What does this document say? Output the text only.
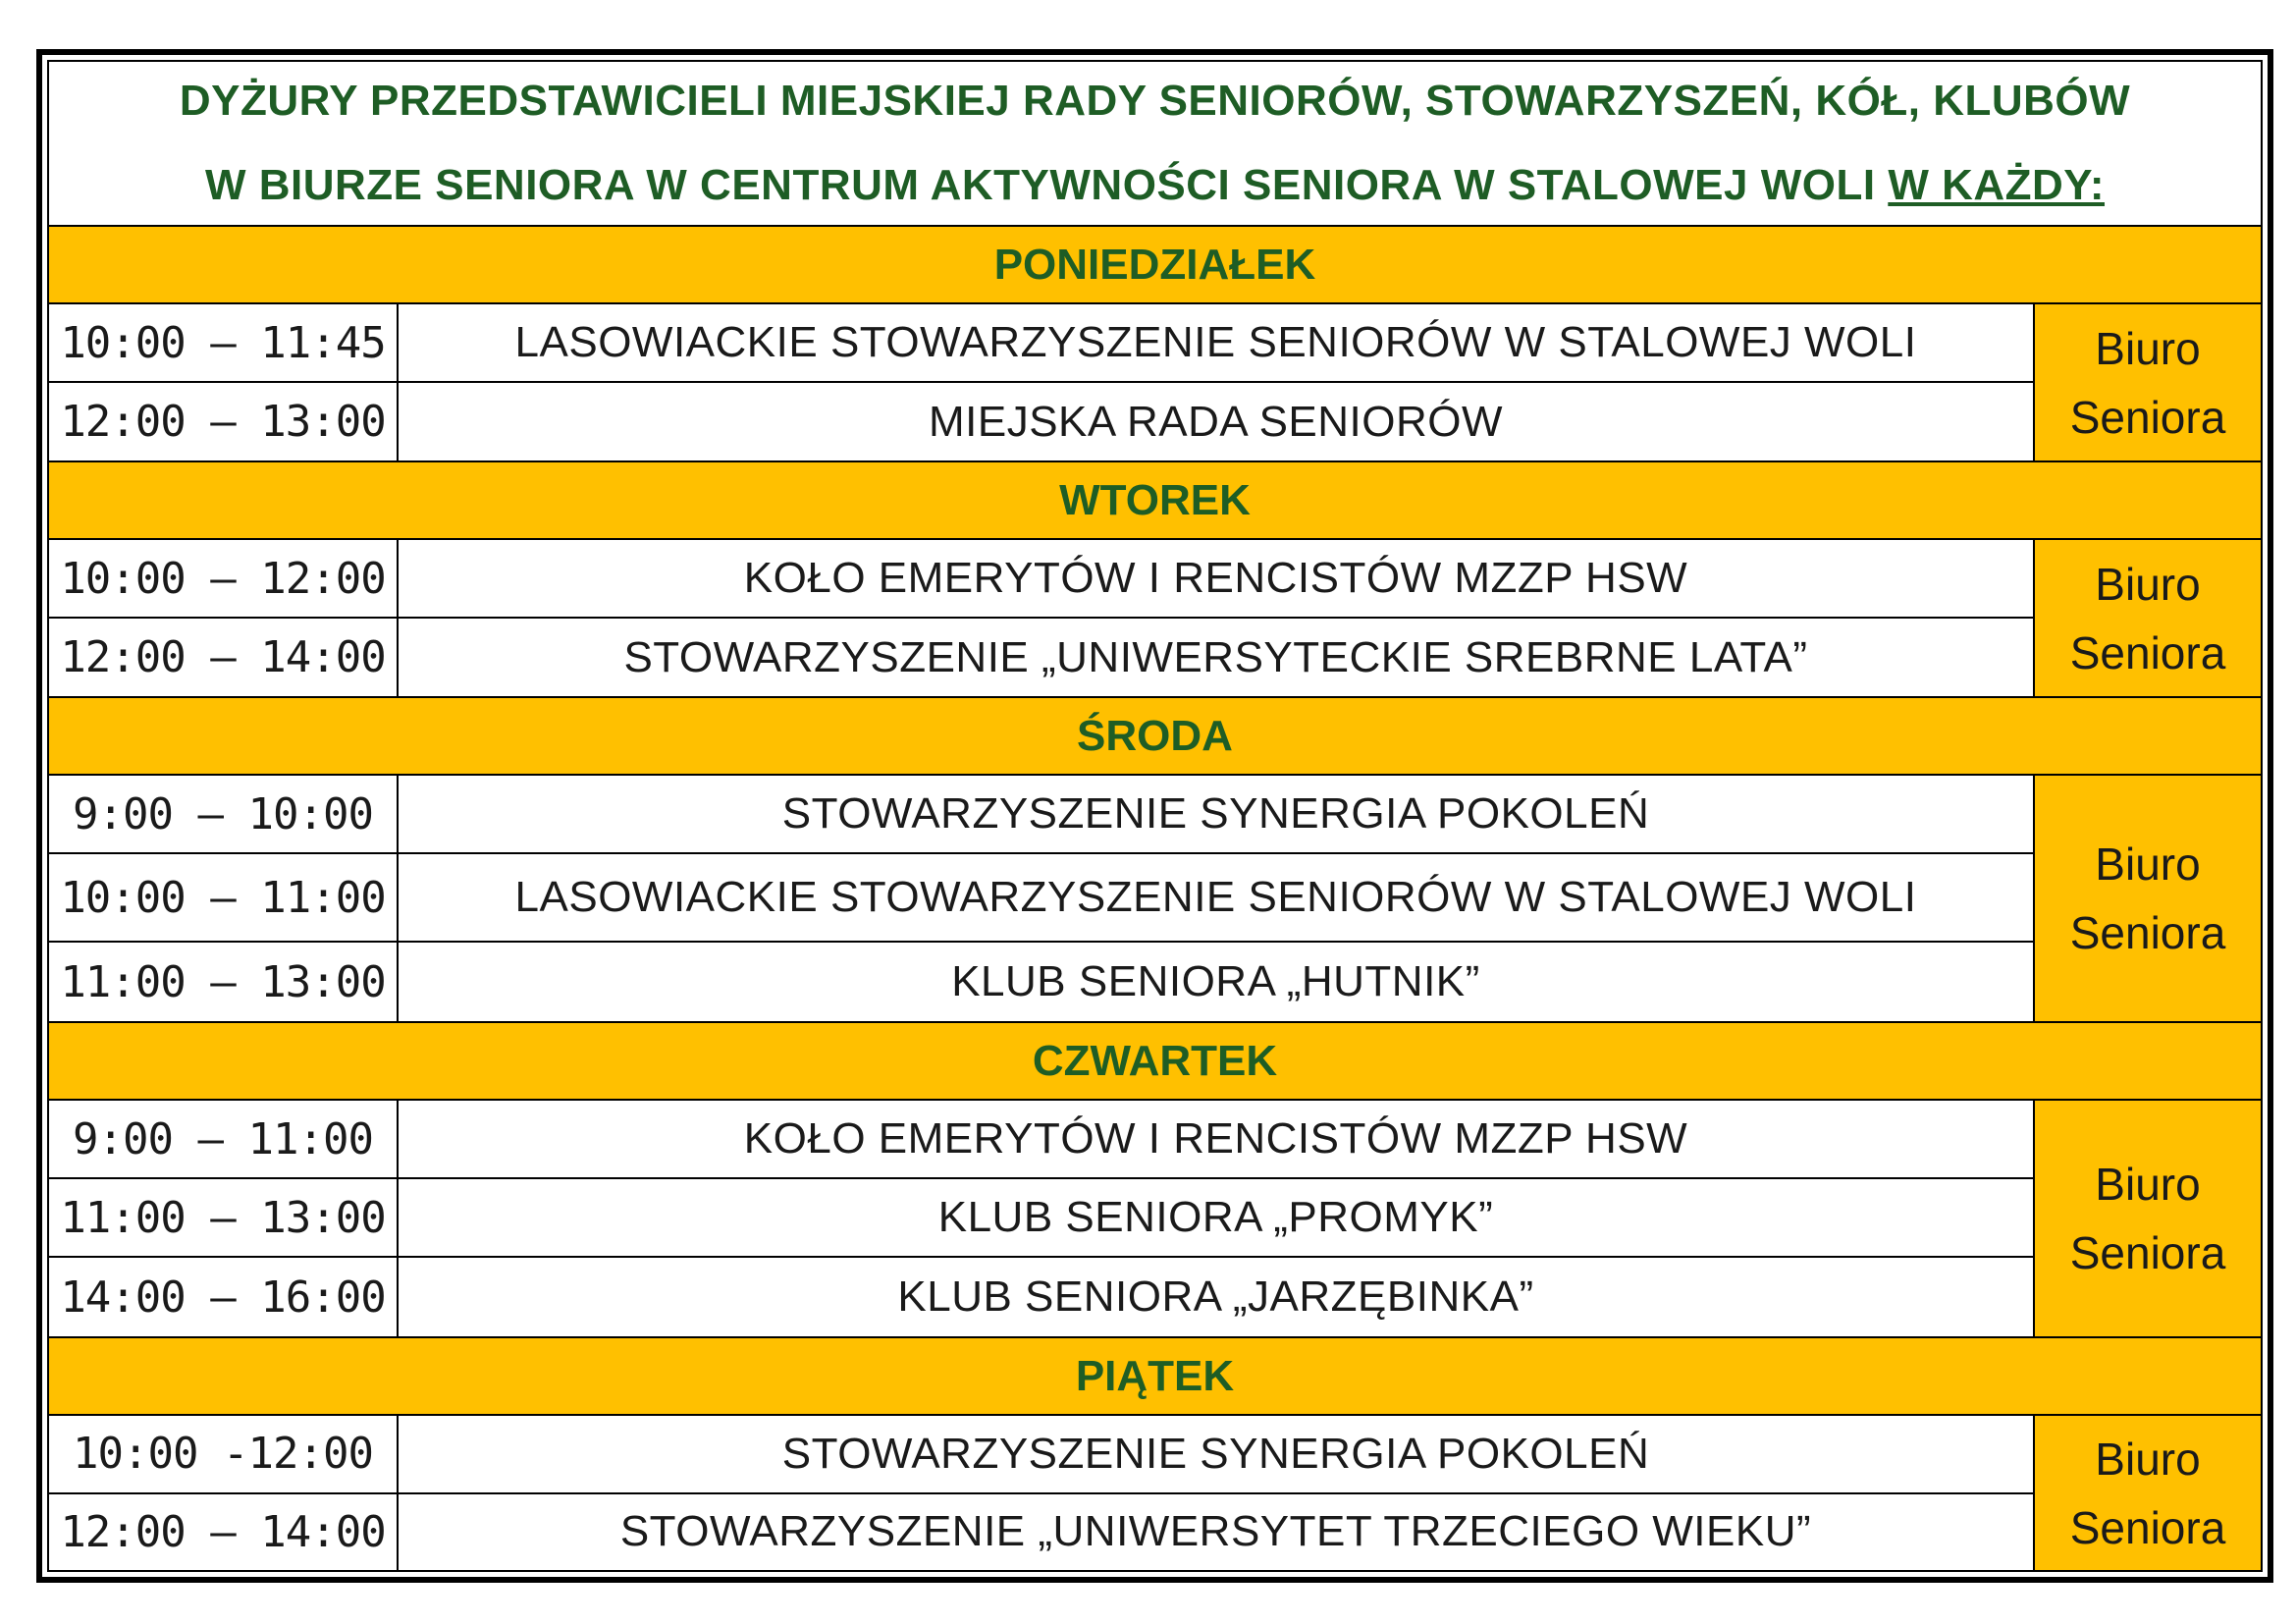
DYŻURY PRZEDSTAWICIELI MIEJSKIEJ RADY SENIORÓW, STOWARZYSZEŃ, KÓŁ, KLUBÓW
W BIURZE SENIORA W CENTRUM AKTYWNOŚCI SENIORA W STALOWEJ WOLI W KAŻDY:
PONIEDZIAŁEK
10:00 – 11:45	LASOWIACKIE STOWARZYSZENIE SENIORÓW W STALOWEJ WOLI
12:00 – 13:00	MIEJSKA RADA SENIORÓW
Biuro
Seniora
WTOREK
10:00 – 12:00	KOŁO EMERYTÓW I RENCISTÓW MZZP HSW
12:00 – 14:00	STOWARZYSZENIE „UNIWERSYTECKIE SREBRNE LATA”
Biuro
Seniora
ŚRODA
9:00 – 10:00	STOWARZYSZENIE SYNERGIA POKOLEŃ
10:00 – 11:00	LASOWIACKIE STOWARZYSZENIE SENIORÓW W STALOWEJ WOLI
11:00 – 13:00	KLUB SENIORA „HUTNIK”
Biuro
Seniora
CZWARTEK
9:00 – 11:00	KOŁO EMERYTÓW I RENCISTÓW MZZP HSW
11:00 – 13:00	KLUB SENIORA „PROMYK”
14:00 – 16:00	KLUB SENIORA „JARZĘBINKA”
Biuro
Seniora
PIĄTEK
10:00 -12:00	STOWARZYSZENIE SYNERGIA POKOLEŃ
12:00 – 14:00	STOWARZYSZENIE „UNIWERSYTET TRZECIEGO WIEKU”
Biuro
Seniora
